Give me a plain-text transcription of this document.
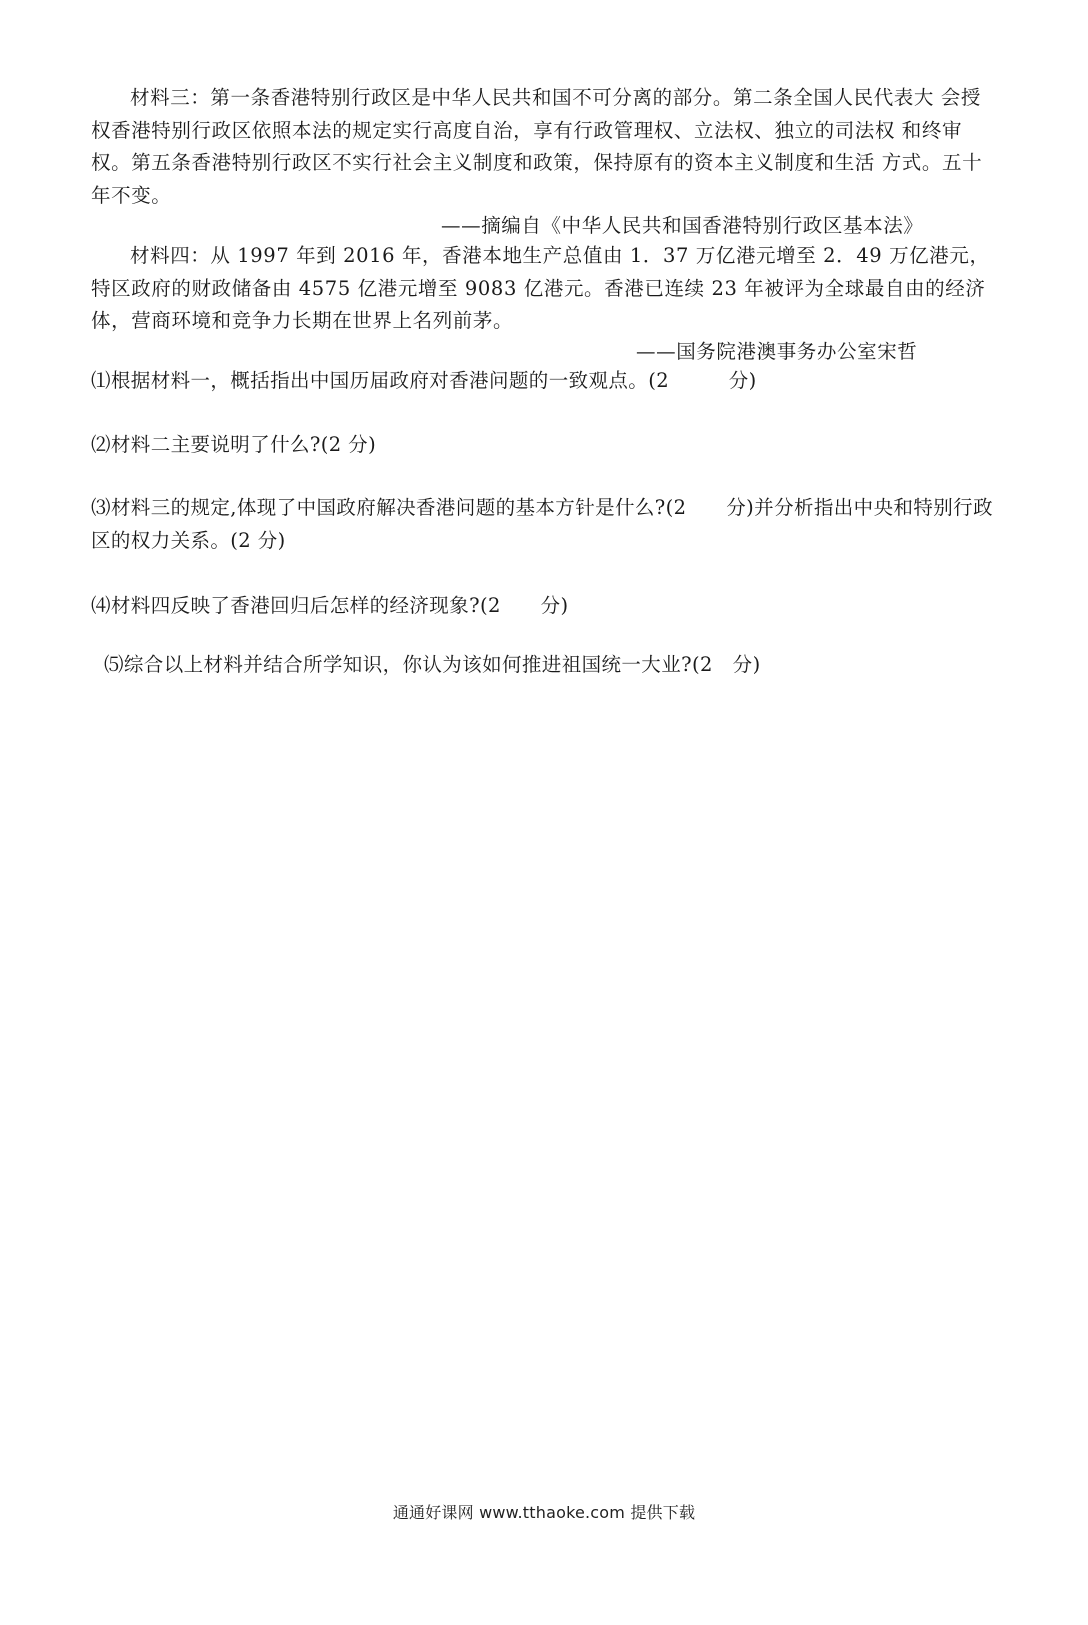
材料三：第一条香港特别行政区是中华人民共和国不可分离的部分。第二条全国人民代表大 会授权香港特别行政区依照本法的规定实行高度自治，享有行政管理权、立法权、独立的司法权 和终审权。第五条香港特别行政区不实行社会主义制度和政策，保持原有的资本主义制度和生活 方式。五十年不变。

——摘编自《中华人民共和国香港特别行政区基本法》

材料四：从 1997 年到 2016 年，香港本地生产总值由 1．37 万亿港元增至 2．49 万亿港元，特区政府的财政储备由 4575 亿港元增至 9083 亿港元。香港已连续 23 年被评为全球最自由的经济体，营商环境和竞争力长期在世界上名列前茅。

——国务院港澳事务办公室宋哲

⑴根据材料一，概括指出中国历届政府对香港问题的一致观点。(2　　　分)

⑵材料二主要说明了什么?(2 分)

⑶材料三的规定,体现了中国政府解决香港问题的基本方针是什么?(2　　分)并分析指出中央和特别行政区的权力关系。(2 分)

⑷材料四反映了香港回归后怎样的经济现象?(2　　分)

⑸综合以上材料并结合所学知识，你认为该如何推进祖国统一大业?(2　分)

通通好课网 www.tthaoke.com 提供下载
